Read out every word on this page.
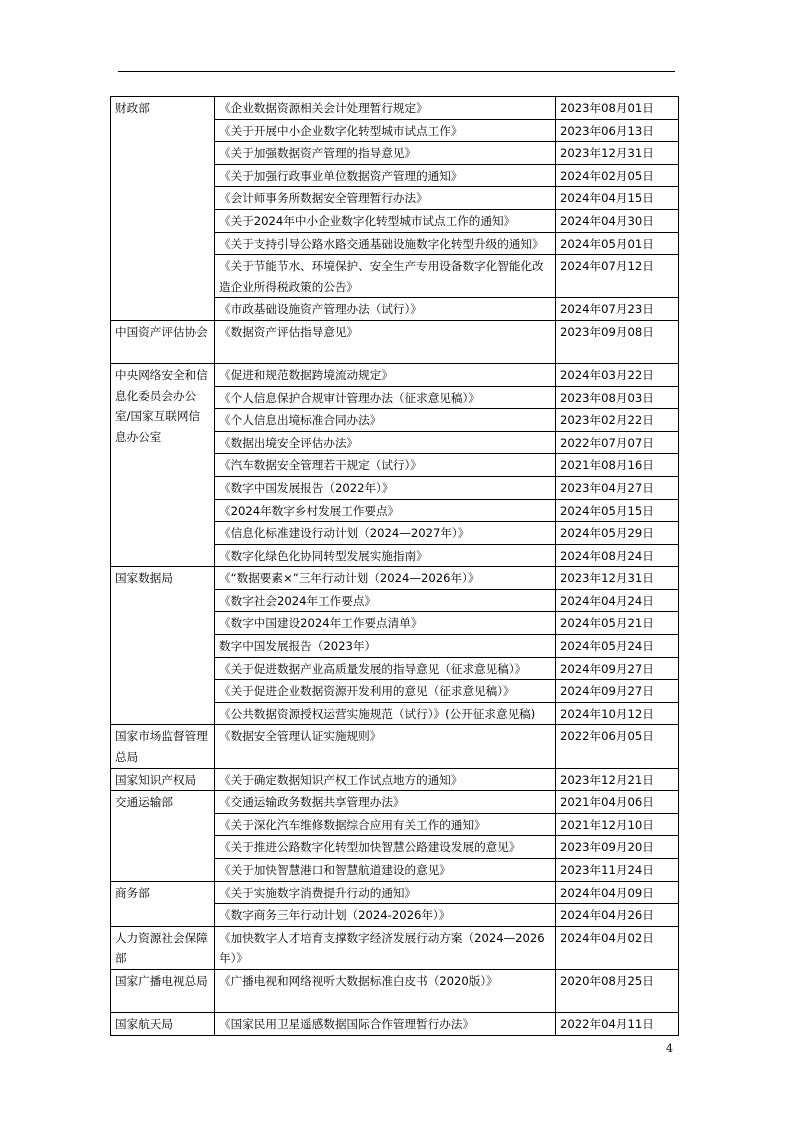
财政部	《企业数据资源相关会计处理暂行规定》	2023年08月01日
	《关于开展中小企业数字化转型城市试点工作》	2023年06月13日
	《关于加强数据资产管理的指导意见》	2023年12月31日
	《关于加强行政事业单位数据资产管理的通知》	2024年02月05日
	《会计师事务所数据安全管理暂行办法》	2024年04月15日
	《关于2024年中小企业数字化转型城市试点工作的通知》	2024年04月30日
	《关于支持引导公路水路交通基础设施数字化转型升级的通知》	2024年05月01日
	《关于节能节水、环境保护、安全生产专用设备数字化智能化改造企业所得税政策的公告》	2024年07月12日
	《市政基础设施资产管理办法（试行）》	2024年07月23日
中国资产评估协会	《数据资产评估指导意见》	2023年09月08日
中央网络安全和信息化委员会办公室/国家互联网信息办公室	《促进和规范数据跨境流动规定》	2024年03月22日
	《个人信息保护合规审计管理办法（征求意见稿）》	2023年08月03日
	《个人信息出境标准合同办法》	2023年02月22日
	《数据出境安全评估办法》	2022年07月07日
	《汽车数据安全管理若干规定（试行）》	2021年08月16日
	《数字中国发展报告（2022年）》	2023年04月27日
	《2024年数字乡村发展工作要点》	2024年05月15日
	《信息化标准建设行动计划（2024—2027年）》	2024年05月29日
	《数字化绿色化协同转型发展实施指南》	2024年08月24日
国家数据局	《“数据要素×”三年行动计划（2024—2026年）》	2023年12月31日
	《数字社会2024年工作要点》	2024年04月24日
	《数字中国建设2024年工作要点清单》	2024年05月21日
	数字中国发展报告（2023年）	2024年05月24日
	《关于促进数据产业高质量发展的指导意见（征求意见稿）》	2024年09月27日
	《关于促进企业数据资源开发利用的意见（征求意见稿）》	2024年09月27日
	《公共数据资源授权运营实施规范（试行）》(公开征求意见稿)	2024年10月12日
国家市场监督管理总局	《数据安全管理认证实施规则》	2022年06月05日
国家知识产权局	《关于确定数据知识产权工作试点地方的通知》	2023年12月21日
交通运输部	《交通运输政务数据共享管理办法》	2021年04月06日
	《关于深化汽车维修数据综合应用有关工作的通知》	2021年12月10日
	《关于推进公路数字化转型加快智慧公路建设发展的意见》	2023年09月20日
	《关于加快智慧港口和智慧航道建设的意见》	2023年11月24日
商务部	《关于实施数字消费提升行动的通知》	2024年04月09日
	《数字商务三年行动计划（2024-2026年）》	2024年04月26日
人力资源社会保障部	《加快数字人才培育支撑数字经济发展行动方案（2024—2026年）》	2024年04月02日
国家广播电视总局	《广播电视和网络视听大数据标准白皮书（2020版）》	2020年08月25日
国家航天局	《国家民用卫星遥感数据国际合作管理暂行办法》	2022年04月11日
4
